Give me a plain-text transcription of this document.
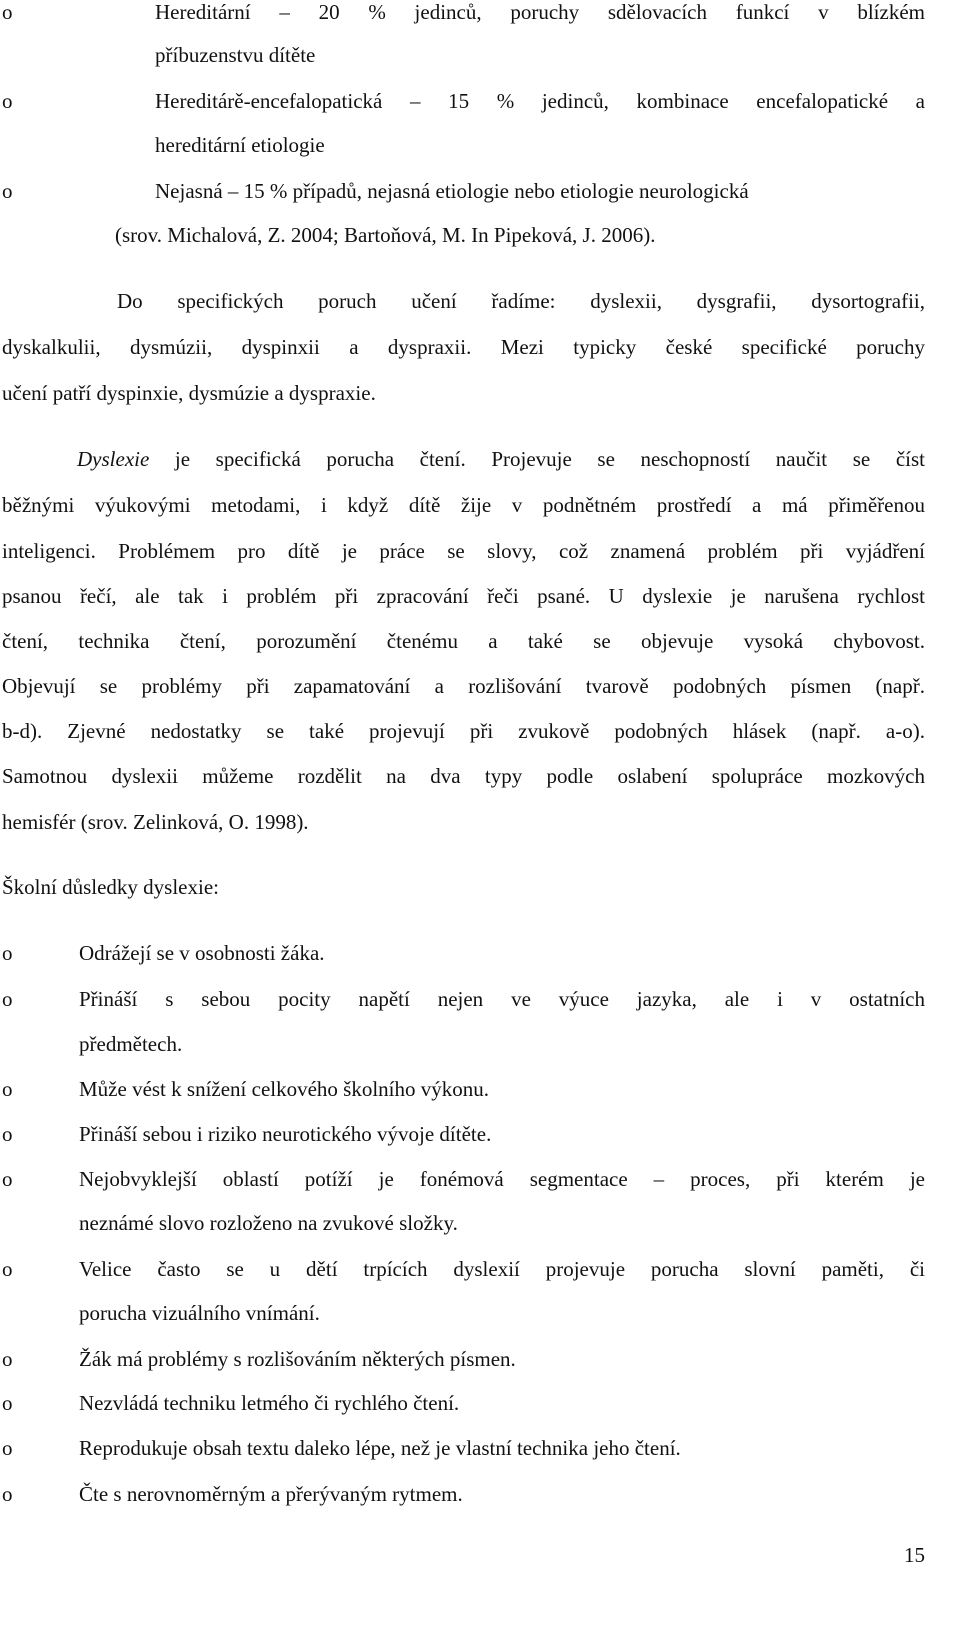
o	Hereditární – 20 % jedinců, poruchy sdělovacích funkcí v blízkém
příbuzenstvu dítěte
o	Hereditárě-encefalopatická – 15 % jedinců, kombinace encefalopatické a
hereditární etiologie
o	Nejasná – 15 % případů, nejasná etiologie nebo etiologie neurologická
(srov. Michalová, Z. 2004; Bartoňová, M. In Pipeková, J. 2006).
Do specifických poruch učení řadíme: dyslexii, dysgrafii, dysortografii,
dyskalkulii, dysmúzii, dyspinxii a dyspraxii. Mezi typicky české specifické poruchy
učení patří dyspinxie, dysmúzie a dyspraxie.
Dyslexie je specifická porucha čtení. Projevuje se neschopností naučit se číst
běžnými výukovými metodami, i když dítě žije v podnětném prostředí a má přiměřenou
inteligenci. Problémem pro dítě je práce se slovy, což znamená problém při vyjádření
psanou řečí, ale tak i problém při zpracování řeči psané. U dyslexie je narušena rychlost
čtení, technika čtení, porozumění čtenému a také se objevuje vysoká chybovost.
Objevují se problémy při zapamatování a rozlišování tvarově podobných písmen (např.
b-d). Zjevné nedostatky se také projevují při zvukově podobných hlásek (např. a-o).
Samotnou dyslexii můžeme rozdělit na dva typy podle oslabení spolupráce mozkových
hemisfér (srov. Zelinková, O. 1998).
Školní důsledky dyslexie:
o	Odrážejí se v osobnosti žáka.
o	Přináší s sebou pocity napětí nejen ve výuce jazyka, ale i v ostatních
předmětech.
o	Může vést k snížení celkového školního výkonu.
o	Přináší sebou i riziko neurotického vývoje dítěte.
o	Nejobvyklejší oblastí potíží je fonémová segmentace – proces, při kterém je
neznámé slovo rozloženo na zvukové složky.
o	Velice často se u dětí trpících dyslexií projevuje porucha slovní paměti, či
porucha vizuálního vnímání.
o	Žák má problémy s rozlišováním některých písmen.
o	Nezvládá techniku letmého či rychlého čtení.
o	Reprodukuje obsah textu daleko lépe, než je vlastní technika jeho čtení.
o	Čte s nerovnoměrným a přerývaným rytmem.
15
